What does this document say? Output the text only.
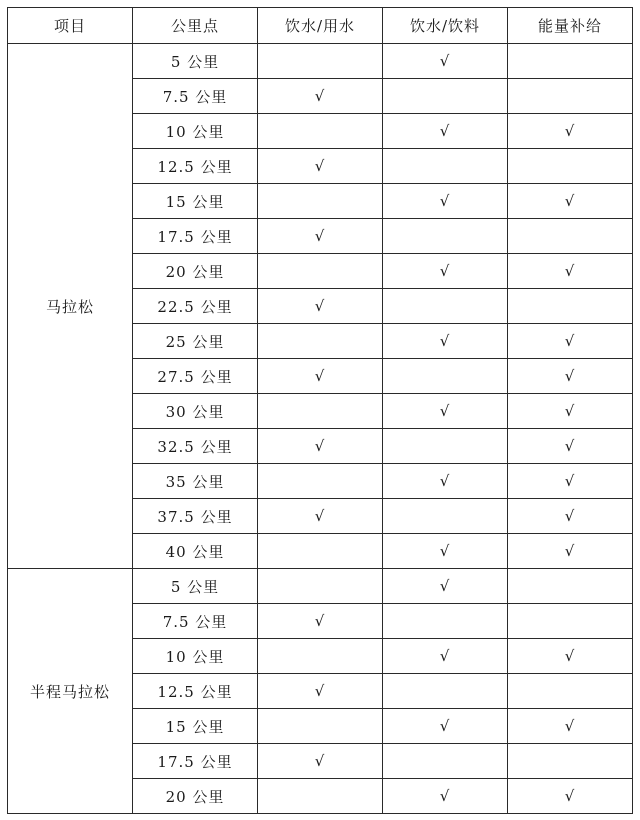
项目	公里点	饮水/用水	饮水/饮料	能量补给
马拉松	5 公里		√	
	7.5 公里	√		
	10 公里		√	√
	12.5 公里	√		
	15 公里		√	√
	17.5 公里	√		
	20 公里		√	√
	22.5 公里	√		
	25 公里		√	√
	27.5 公里	√		√
	30 公里		√	√
	32.5 公里	√		√
	35 公里		√	√
	37.5 公里	√		√
	40 公里		√	√
半程马拉松	5 公里		√	
	7.5 公里	√		
	10 公里		√	√
	12.5 公里	√		
	15 公里		√	√
	17.5 公里	√		
	20 公里		√	√
